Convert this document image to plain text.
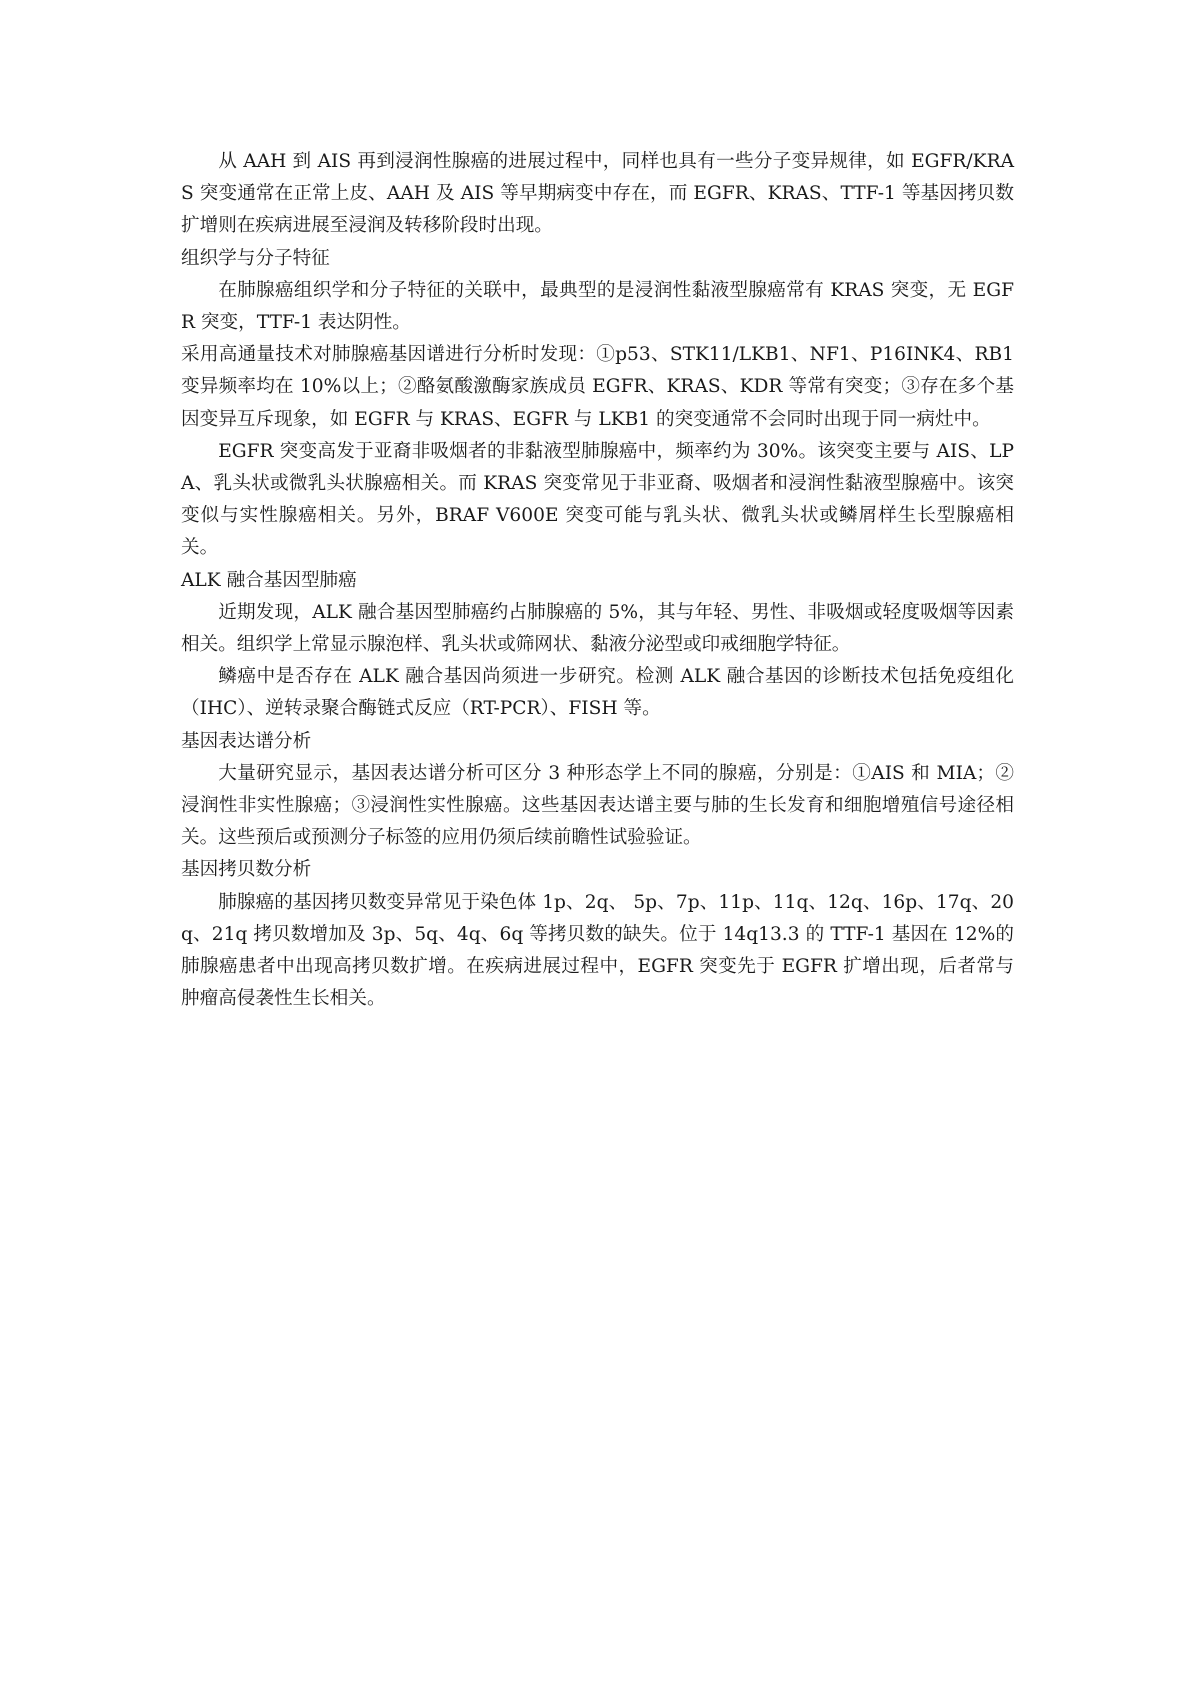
从 AAH 到 AIS 再到浸润性腺癌的进展过程中，同样也具有一些分子变异规律，如 EGFR/KRAS 突变通常在正常上皮、AAH 及 AIS 等早期病变中存在，而 EGFR、KRAS、TTF-1 等基因拷贝数扩增则在疾病进展至浸润及转移阶段时出现。

组织学与分子特征

在肺腺癌组织学和分子特征的关联中，最典型的是浸润性黏液型腺癌常有 KRAS 突变，无 EGFR 突变，TTF-1 表达阴性。

采用高通量技术对肺腺癌基因谱进行分析时发现：①p53、STK11/LKB1、NF1、P16INK4、RB1 变异频率均在 10%以上；②酪氨酸激酶家族成员 EGFR、KRAS、KDR 等常有突变；③存在多个基因变异互斥现象，如 EGFR 与 KRAS、EGFR 与 LKB1 的突变通常不会同时出现于同一病灶中。

EGFR 突变高发于亚裔非吸烟者的非黏液型肺腺癌中，频率约为 30%。该突变主要与 AIS、LPA、乳头状或微乳头状腺癌相关。而 KRAS 突变常见于非亚裔、吸烟者和浸润性黏液型腺癌中。该突变似与实性腺癌相关。另外，BRAF V600E 突变可能与乳头状、微乳头状或鳞屑样生长型腺癌相关。

ALK 融合基因型肺癌

近期发现，ALK 融合基因型肺癌约占肺腺癌的 5%，其与年轻、男性、非吸烟或轻度吸烟等因素相关。组织学上常显示腺泡样、乳头状或筛网状、黏液分泌型或印戒细胞学特征。

鳞癌中是否存在 ALK 融合基因尚须进一步研究。检测 ALK 融合基因的诊断技术包括免疫组化（IHC）、逆转录聚合酶链式反应（RT-PCR）、FISH 等。

基因表达谱分析

大量研究显示，基因表达谱分析可区分 3 种形态学上不同的腺癌，分别是：①AIS 和 MIA；②浸润性非实性腺癌；③浸润性实性腺癌。这些基因表达谱主要与肺的生长发育和细胞增殖信号途径相关。这些预后或预测分子标签的应用仍须后续前瞻性试验验证。

基因拷贝数分析

肺腺癌的基因拷贝数变异常见于染色体 1p、2q、 5p、7p、11p、11q、12q、16p、17q、20q、21q 拷贝数增加及 3p、5q、4q、6q 等拷贝数的缺失。位于 14q13.3 的 TTF-1 基因在 12%的肺腺癌患者中出现高拷贝数扩增。在疾病进展过程中，EGFR 突变先于 EGFR 扩增出现，后者常与肿瘤高侵袭性生长相关。
